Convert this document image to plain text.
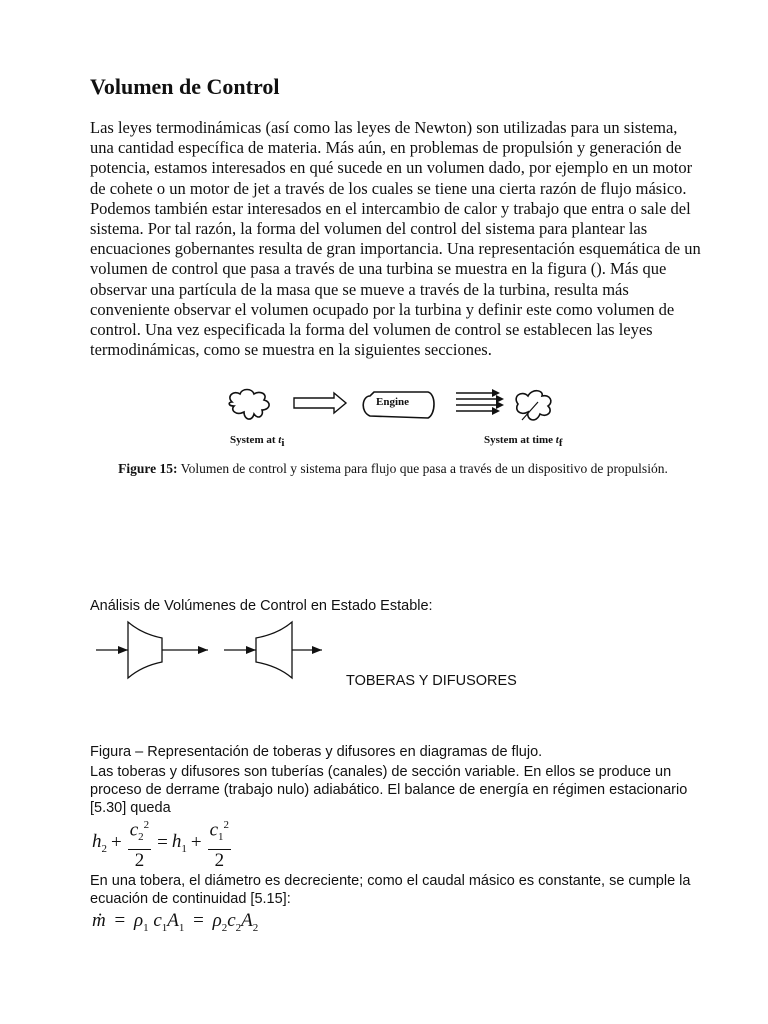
Volumen de Control

Las leyes termodinámicas (así como las leyes de Newton) son utilizadas para un sistema, una cantidad específica de materia. Más aún, en problemas de propulsión y generación de potencia, estamos interesados en qué sucede en un volumen dado, por ejemplo en un motor de cohete o un motor de jet a través de los cuales se tiene una cierta razón de flujo másico. Podemos también estar interesados en el intercambio de calor y trabajo que entra o sale del sistema. Por tal razón, la forma del volumen del control del sistema para plantear las encuaciones gobernantes resulta de gran importancia. Una representación esquemática de un volumen de control que pasa a través de una turbina se muestra en la figura (). Más que observar una partícula de la masa que se mueve a través de la turbina, resulta más conveniente observar el volumen ocupado por la turbina y definir este como volumen de control. Una vez especificada la forma del volumen de control se establecen las leyes termodinámicas, como se muestra en la siguientes secciones.

Engine
System at $t_i$	System at time $t_f$
Figure 15: Volumen de control y sistema para flujo que pasa a través de un dispositivo de propulsión.
Análisis de Volúmenes de Control en Estado Estable:
TOBERAS Y DIFUSORES
Figura – Representación de toberas y difusores en diagramas de flujo.

Las toberas y difusores son tuberías (canales) de sección variable. En ellos se produce un proceso de derrame (trabajo nulo) adiabático. El balance de energía en régimen estacionario [5.30] queda

$h_2 + \frac{c_2^2}{2} = h_1 + \frac{c_1^2}{2}$

En una tobera, el diámetro es decreciente; como el caudal másico es constante, se cumple la ecuación de continuidad [5.15]:

ṁ = $\rho_1$ $c_1A_1 = \rho_2c_2A_2$
